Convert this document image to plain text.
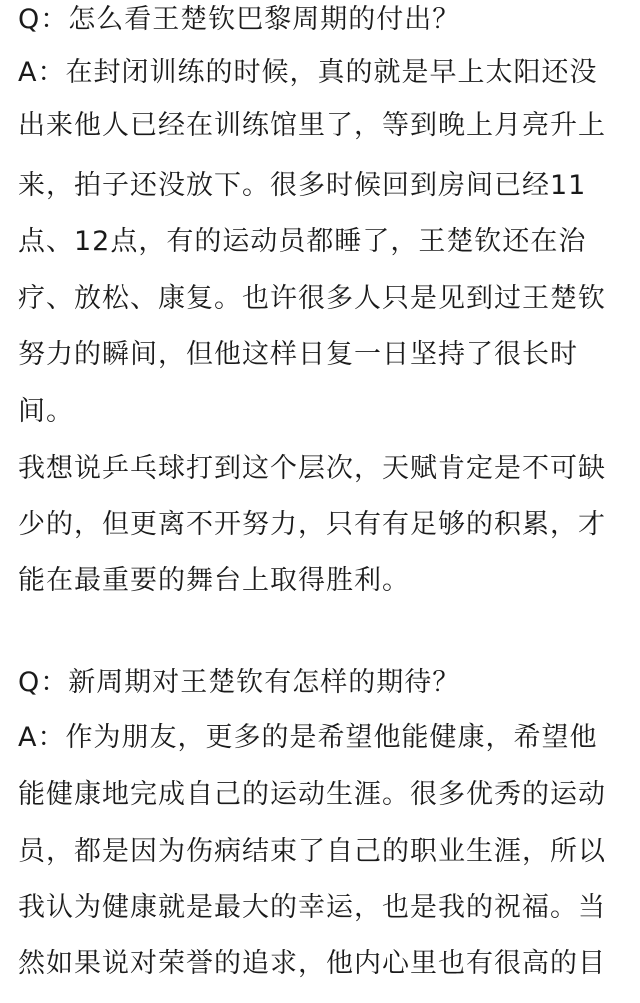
Q：怎么看王楚钦巴黎周期的付出？
A：在封闭训练的时候，真的就是早上太阳还没
出来他人已经在训练馆里了，等到晚上月亮升上
来，拍子还没放下。很多时候回到房间已经11
点、12点，有的运动员都睡了，王楚钦还在治
疗、放松、康复。也许很多人只是见到过王楚钦
努力的瞬间，但他这样日复一日坚持了很长时
间。
我想说乒乓球打到这个层次，天赋肯定是不可缺
少的，但更离不开努力，只有有足够的积累，才
能在最重要的舞台上取得胜利。
Q：新周期对王楚钦有怎样的期待？
A：作为朋友，更多的是希望他能健康，希望他
能健康地完成自己的运动生涯。很多优秀的运动
员，都是因为伤病结束了自己的职业生涯，所以
我认为健康就是最大的幸运，也是我的祝福。当
然如果说对荣誉的追求，他内心里也有很高的目
